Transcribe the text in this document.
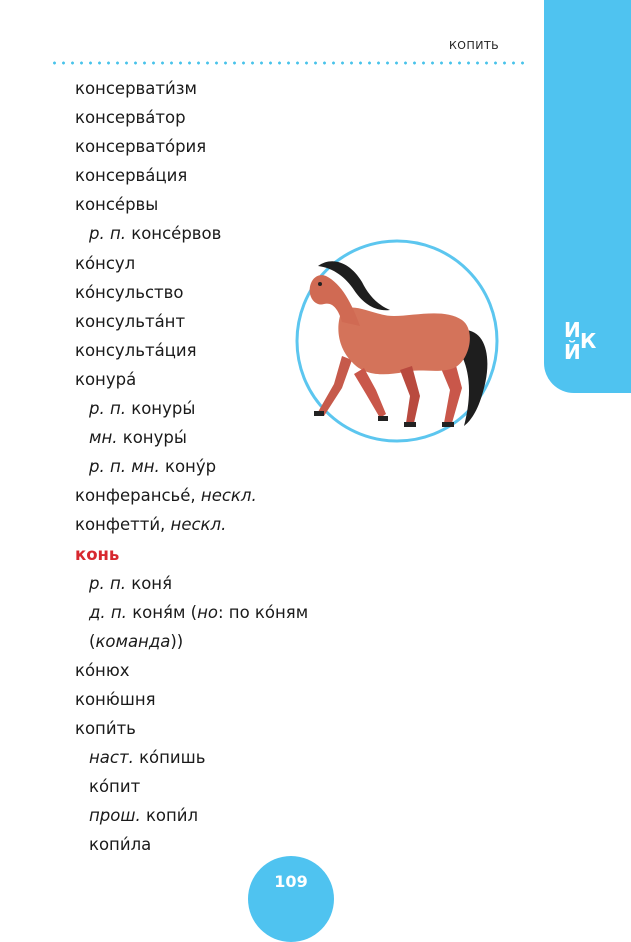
КОПИТЬ
И
Й К
консервати́зм
консерва́тор
консервато́рия
консерва́ция
консе́рвы
р. п. консе́рвов
ко́нсул
ко́нсульство
консульта́нт
консульта́ция
конура́
р. п. конуры́
мн. конуры́
р. п. мн. кону́р
конферансье́, нескл.
конфетти́, нескл.
конь
р. п. коня́
д. п. коня́м (но: по ко́ням
(команда))
ко́нюх
коню́шня
копи́ть
наст. ко́пишь
ко́пит
прош. копи́л
копи́ла
109
